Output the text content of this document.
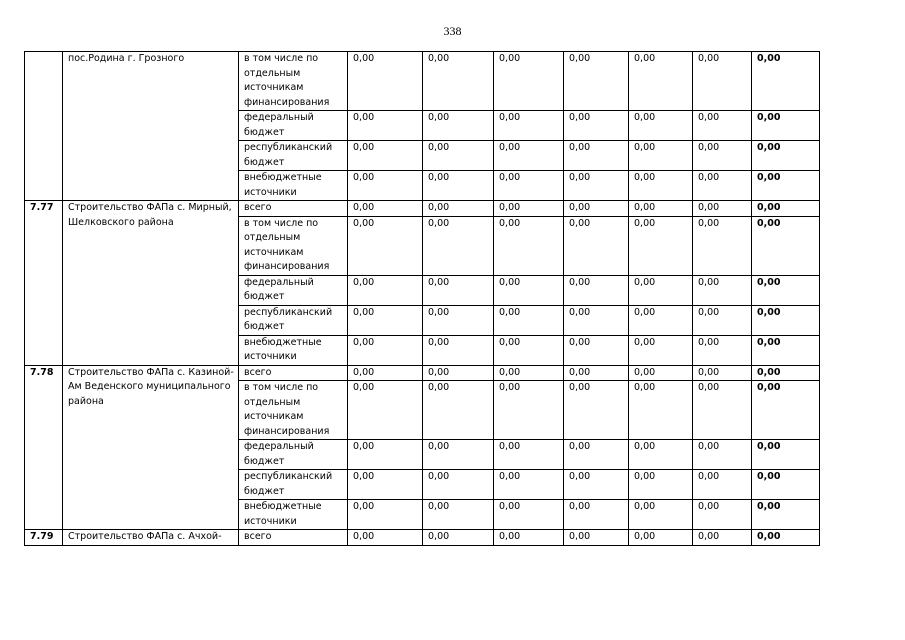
338
	пос.Родина г. Грозного	в том числе по отдельным источникам финансирования	0,00	0,00	0,00	0,00	0,00	0,00	0,00
		федеральный бюджет	0,00	0,00	0,00	0,00	0,00	0,00	0,00
		республиканский бюджет	0,00	0,00	0,00	0,00	0,00	0,00	0,00
		внебюджетные источники	0,00	0,00	0,00	0,00	0,00	0,00	0,00
7.77	Строительство ФАПа с. Мирный, Шелковского района	всего	0,00	0,00	0,00	0,00	0,00	0,00	0,00
		в том числе по отдельным источникам финансирования	0,00	0,00	0,00	0,00	0,00	0,00	0,00
		федеральный бюджет	0,00	0,00	0,00	0,00	0,00	0,00	0,00
		республиканский бюджет	0,00	0,00	0,00	0,00	0,00	0,00	0,00
		внебюджетные источники	0,00	0,00	0,00	0,00	0,00	0,00	0,00
7.78	Строительство ФАПа с. Казиной-Ам Веденского муниципального района	всего	0,00	0,00	0,00	0,00	0,00	0,00	0,00
		в том числе по отдельным источникам финансирования	0,00	0,00	0,00	0,00	0,00	0,00	0,00
		федеральный бюджет	0,00	0,00	0,00	0,00	0,00	0,00	0,00
		республиканский бюджет	0,00	0,00	0,00	0,00	0,00	0,00	0,00
		внебюджетные источники	0,00	0,00	0,00	0,00	0,00	0,00	0,00
7.79	Строительство ФАПа с. Ачхой-	всего	0,00	0,00	0,00	0,00	0,00	0,00	0,00
